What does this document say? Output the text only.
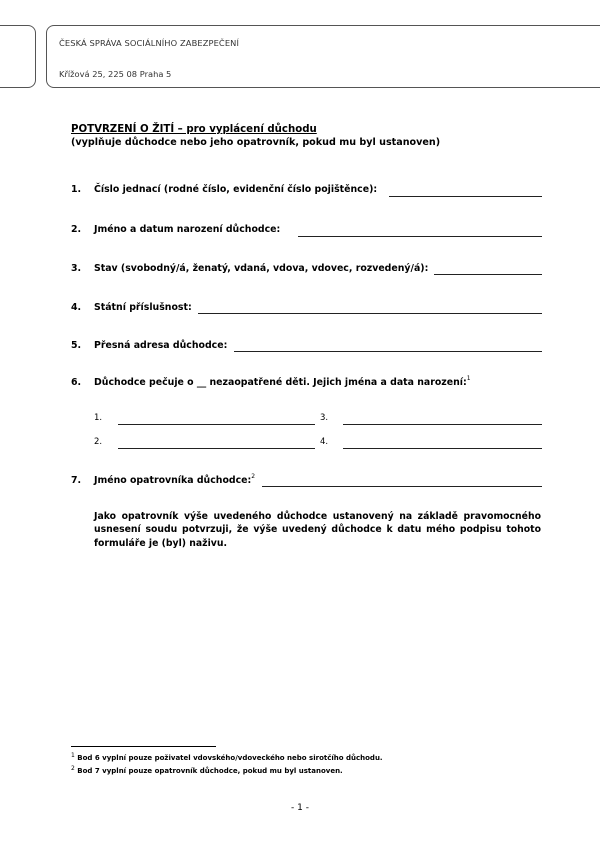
ČESKÁ SPRÁVA SOCIÁLNÍHO ZABEZPEČENÍ
Křížová 25, 225 08 Praha 5
POTVRZENÍ O ŽITÍ – pro vyplácení důchodu
(vyplňuje důchodce nebo jeho opatrovník, pokud mu byl ustanoven)
1. Číslo jednací (rodné číslo, evidenční číslo pojištěnce):
2. Jméno a datum narození důchodce:
3. Stav (svobodný/á, ženatý, vdaná, vdova, vdovec, rozvedený/á):
4. Státní příslušnost:
5. Přesná adresa důchodce:
6. Důchodce pečuje o __ nezaopatřené děti. Jejich jména a data narození:$^1$
1.	3.
2.	4.
7. Jméno opatrovníka důchodce:$^2$
Jako opatrovník výše uvedeného důchodce ustanovený na základě pravomocného usnesení soudu potvrzuji, že výše uvedený důchodce k datu mého podpisu tohoto formuláře je (byl) naživu.
1 Bod 6 vyplní pouze poživatel vdovského/vdoveckého nebo sirotčího důchodu.
2 Bod 7 vyplní pouze opatrovník důchodce, pokud mu byl ustanoven.
- 1 -
